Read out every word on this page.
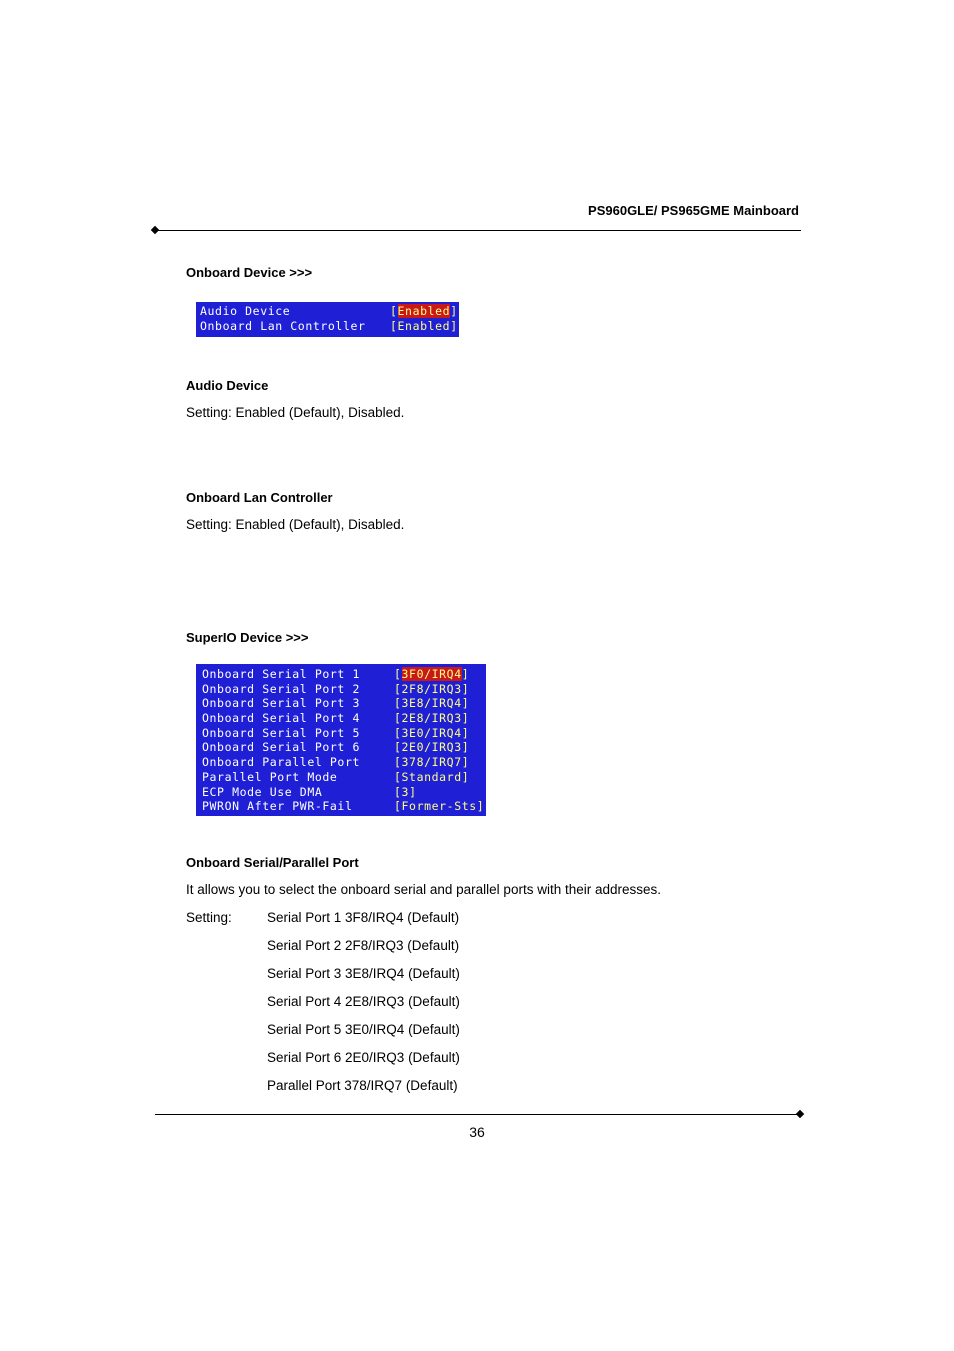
PS960GLE/ PS965GME Mainboard
Onboard Device >>>
Audio Device	[Enabled]
Onboard Lan Controller [Enabled]
Audio Device
Setting: Enabled (Default), Disabled.
Onboard Lan Controller
Setting: Enabled (Default), Disabled.
SuperIO Device >>>
Onboard Serial Port 1	[3F0/IRQ4]
Onboard Serial Port 2	[2F8/IRQ3]
Onboard Serial Port 3	[3E8/IRQ4]
Onboard Serial Port 4	[2E8/IRQ3]
Onboard Serial Port 5	[3E0/IRQ4]
Onboard Serial Port 6	[2E0/IRQ3]
Onboard Parallel Port	[378/IRQ7]
Parallel Port Mode	[Standard]
ECP Mode Use DMA	[3]
PWRON After PWR-Fail	[Former-Sts]
Onboard Serial/Parallel Port
It allows you to select the onboard serial and parallel ports with their addresses.
Setting:	Serial Port 1 3F8/IRQ4 (Default)
Serial Port 2 2F8/IRQ3 (Default)
Serial Port 3 3E8/IRQ4 (Default)
Serial Port 4 2E8/IRQ3 (Default)
Serial Port 5 3E0/IRQ4 (Default)
Serial Port 6 2E0/IRQ3 (Default)
Parallel Port 378/IRQ7 (Default)
36
